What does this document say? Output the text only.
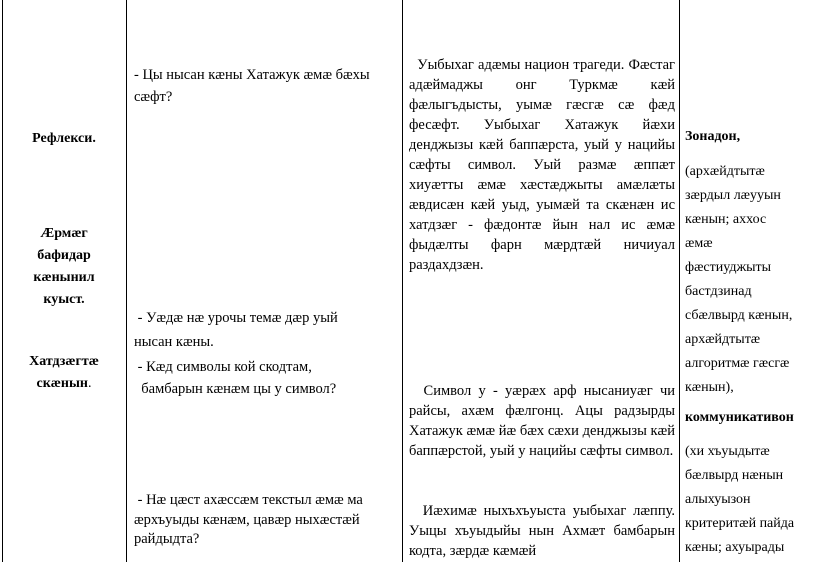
Рефлекси.
Æрмæг
бафидар
кæнынил
куыст.
Хатдзæгтæ
скæнын.
- Цы нысан кæны Хатажук æмæ бæхы
сæфт?
- Уæдæ нæ урочы темæ дæр уый
нысан кæны.
- Кæд символы кой скодтам,
бамбарын кæнæм цы у символ?
- Нæ цæст ахæссæм текстыл æмæ ма
æрхъуыды кæнæм, цавæр ныхæстæй
райдыдта?
Уыбыхаг адæмы национ трагеди. Фæстаг адæймаджы онг Туркмæ кæй фæлыгъдысты, уымæ гæсгæ сæ фæд фесæфт. Уыбыхаг Хатажук йæхи денджызы кæй баппæрста, уый у нацийы сæфты символ. Уый размæ æппæт хиуæтты æмæ хæстæджыты амæлæты æвдисæн кæй уыд, уымæй та скæнæн ис хатдзæг - фæдонтæ йын нал ис æмæ фыдæлты фарн мæрдтæй ничиуал раздахдзæн.
Символ у - уæрæх арф нысаниуæг чи райсы, ахæм фæлгонц. Ацы радзырды Хатажук æмæ йæ бæх сæхи денджызы кæй баппæрстой, уый у нацийы сæфты символ.
Иæхимæ ныхъхъуыста уыбыхаг лæппу. Уыцы хъуыдыйы нын Ахмæт бамбарын кодта, зæрдæ кæмæй
Зонадон,
(архæйдтытæ
зæрдыл лæууын
кæнын; аххос
æмæ
фæстиуджыты
бастдзинад
сбæлвырд кæнын,
архæйдтытæ
алгоритмæ гæсгæ
кæнын),
коммуникативон
(хи хъуыдытæ
бæлвырд нæнын
алыхуызон
критеритæй пайда
кæны; ахуырады
